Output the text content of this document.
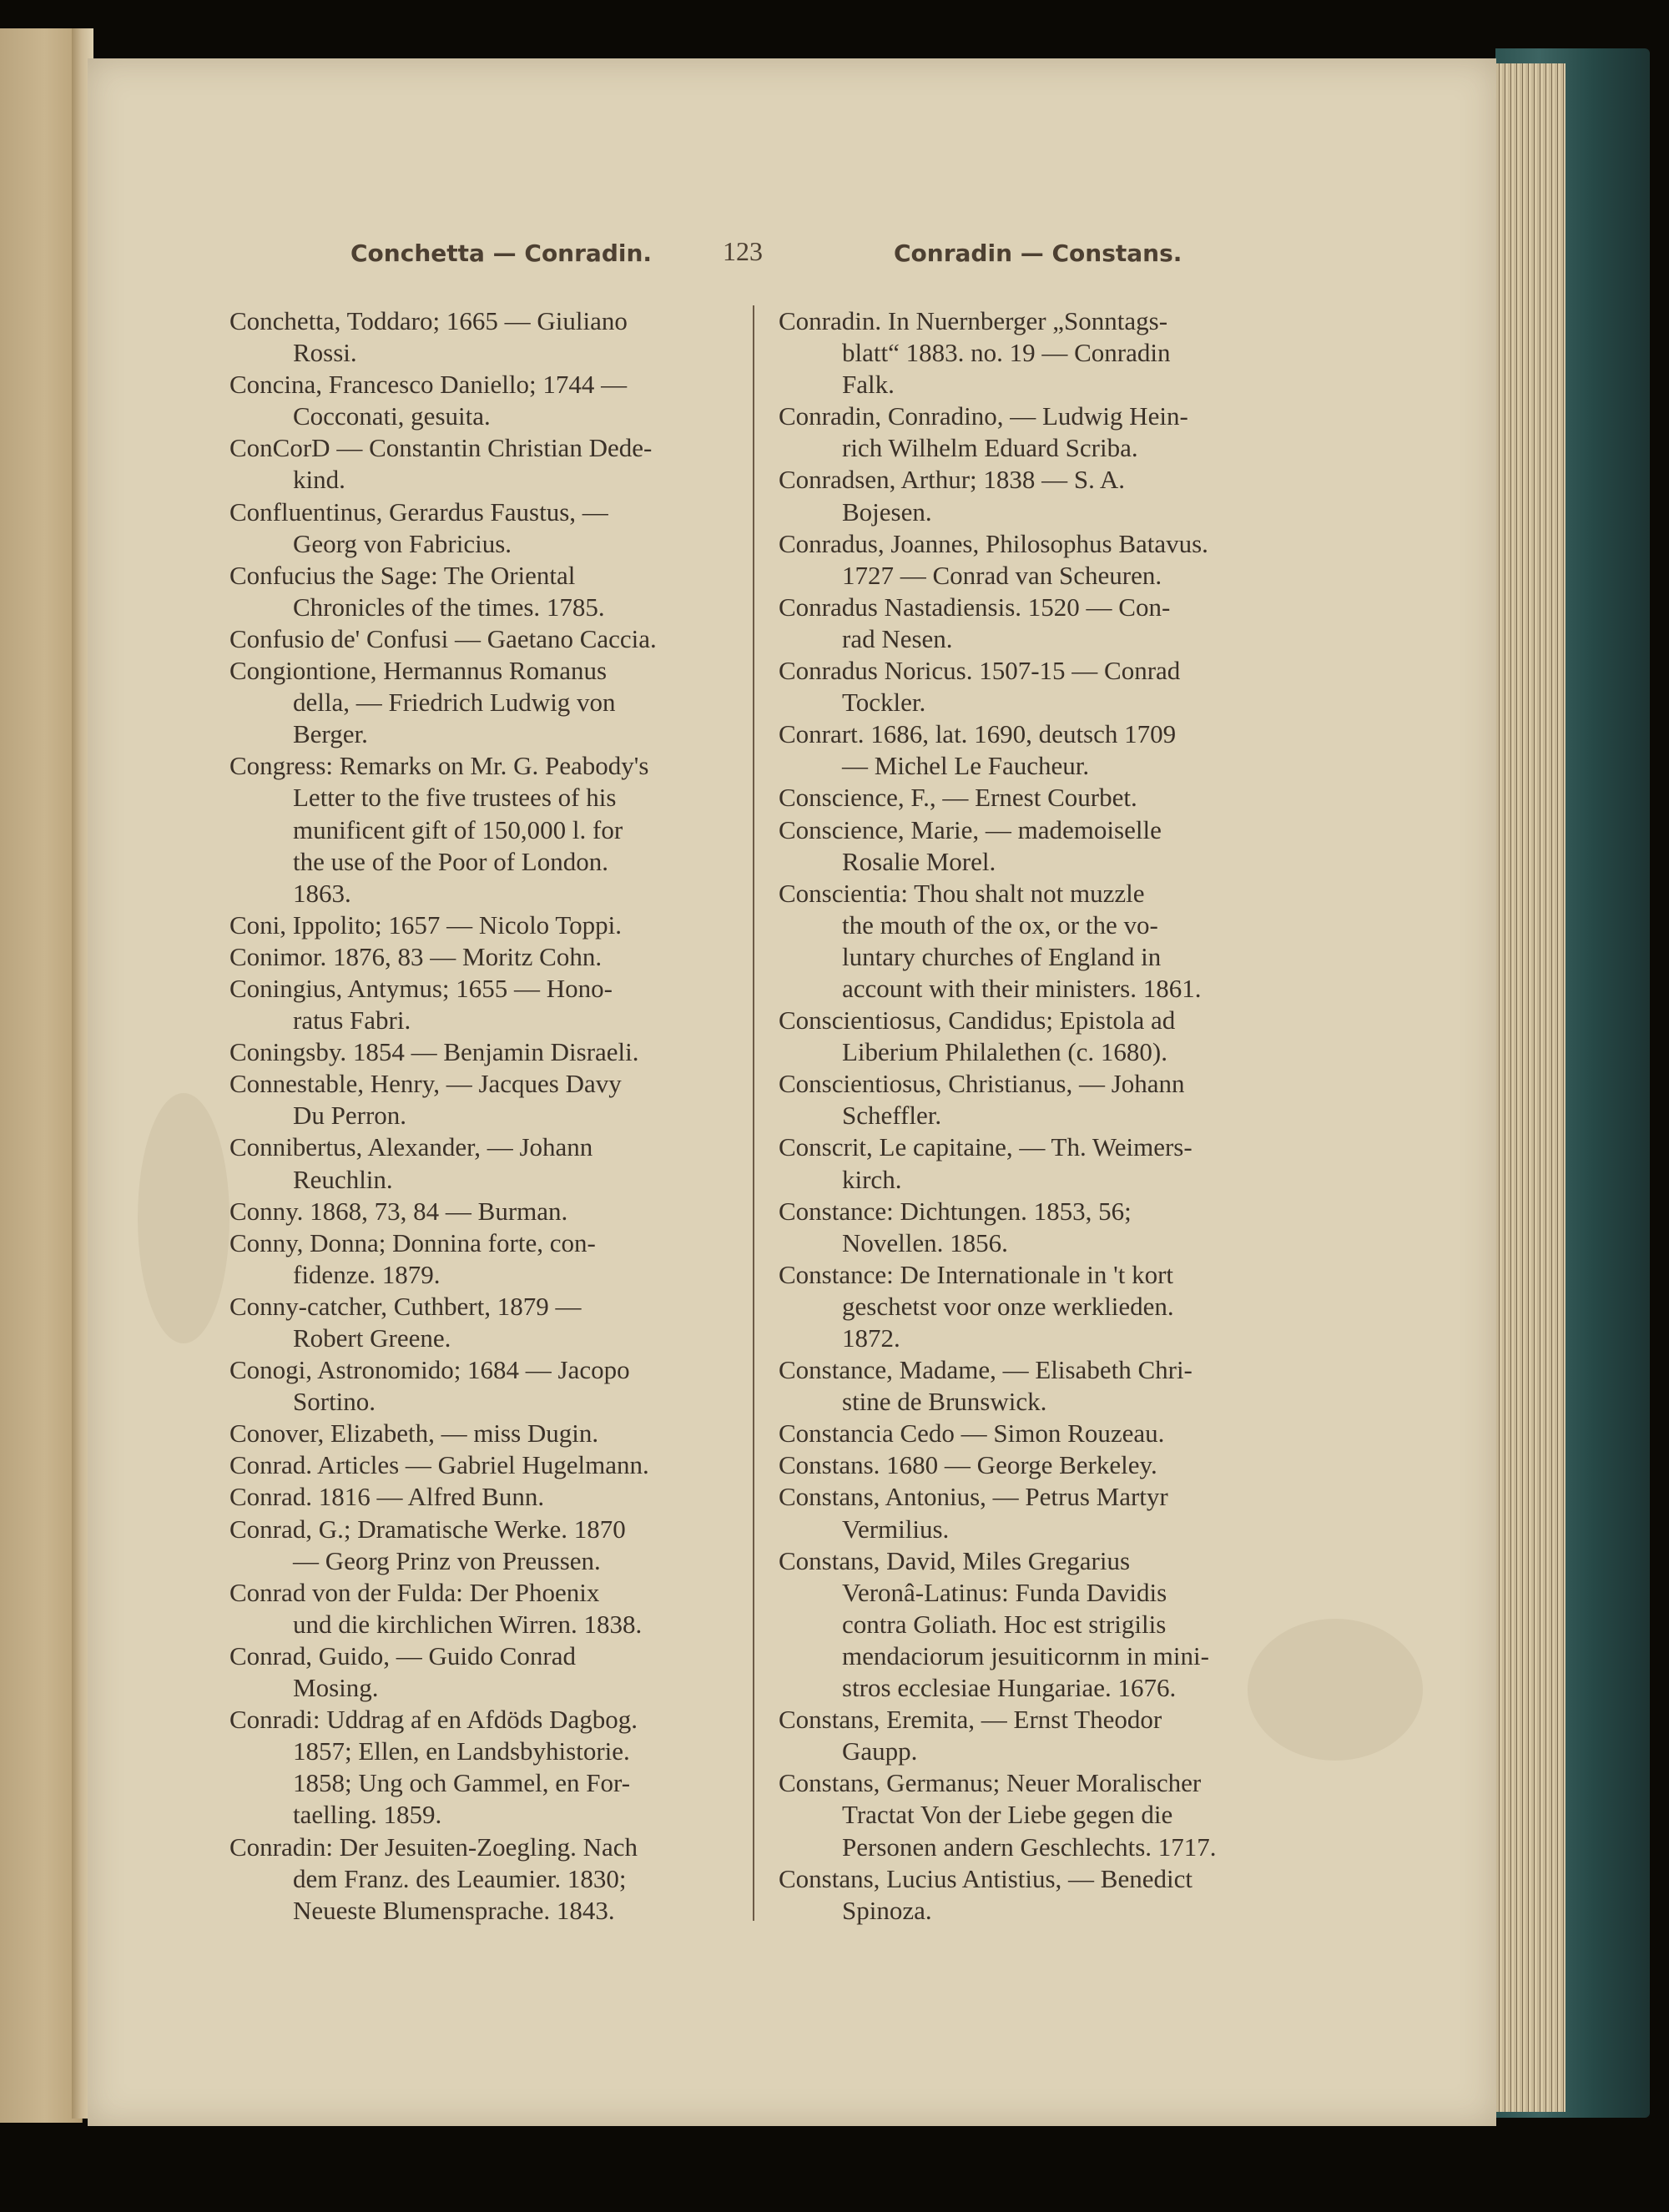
Conchetta — Conradin.	123	Conradin — Constans.
Conchetta, Toddaro; 1665 — Giuliano
Rossi.
Concina, Francesco Daniello; 1744 —
Cocconati, gesuita.
ConCorD — Constantin Christian Dede-
kind.
Confluentinus, Gerardus Faustus, —
Georg von Fabricius.
Confucius the Sage: The Oriental
Chronicles of the times. 1785.
Confusio de' Confusi — Gaetano Caccia.
Congiontione, Hermannus Romanus
della, — Friedrich Ludwig von
Berger.
Congress: Remarks on Mr. G. Peabody's
Letter to the five trustees of his
munificent gift of 150,000 l. for
the use of the Poor of London.
1863.
Coni, Ippolito; 1657 — Nicolo Toppi.
Conimor. 1876, 83 — Moritz Cohn.
Coningius, Antymus; 1655 — Hono-
ratus Fabri.
Coningsby. 1854 — Benjamin Disraeli.
Connestable, Henry, — Jacques Davy
Du Perron.
Connibertus, Alexander, — Johann
Reuchlin.
Conny. 1868, 73, 84 — Burman.
Conny, Donna; Donnina forte, con-
fidenze. 1879.
Conny-catcher, Cuthbert, 1879 —
Robert Greene.
Conogi, Astronomido; 1684 — Jacopo
Sortino.
Conover, Elizabeth, — miss Dugin.
Conrad. Articles — Gabriel Hugelmann.
Conrad. 1816 — Alfred Bunn.
Conrad, G.; Dramatische Werke. 1870
— Georg Prinz von Preussen.
Conrad von der Fulda: Der Phoenix
und die kirchlichen Wirren. 1838.
Conrad, Guido, — Guido Conrad
Mosing.
Conradi: Uddrag af en Afdöds Dagbog.
1857; Ellen, en Landsbyhistorie.
1858; Ung och Gammel, en For-
taelling. 1859.
Conradin: Der Jesuiten-Zoegling. Nach
dem Franz. des Leaumier. 1830;
Neueste Blumensprache. 1843.
Conradin. In Nuernberger „Sonntags-
blatt“ 1883. no. 19 — Conradin
Falk.
Conradin, Conradino, — Ludwig Hein-
rich Wilhelm Eduard Scriba.
Conradsen, Arthur; 1838 — S. A.
Bojesen.
Conradus, Joannes, Philosophus Batavus.
1727 — Conrad van Scheuren.
Conradus Nastadiensis. 1520 — Con-
rad Nesen.
Conradus Noricus. 1507-15 — Conrad
Tockler.
Conrart. 1686, lat. 1690, deutsch 1709
— Michel Le Faucheur.
Conscience, F., — Ernest Courbet.
Conscience, Marie, — mademoiselle
Rosalie Morel.
Conscientia: Thou shalt not muzzle
the mouth of the ox, or the vo-
luntary churches of England in
account with their ministers. 1861.
Conscientiosus, Candidus; Epistola ad
Liberium Philalethen (c. 1680).
Conscientiosus, Christianus, — Johann
Scheffler.
Conscrit, Le capitaine, — Th. Weimers-
kirch.
Constance: Dichtungen. 1853, 56;
Novellen. 1856.
Constance: De Internationale in 't kort
geschetst voor onze werklieden.
1872.
Constance, Madame, — Elisabeth Chri-
stine de Brunswick.
Constancia Cedo — Simon Rouzeau.
Constans. 1680 — George Berkeley.
Constans, Antonius, — Petrus Martyr
Vermilius.
Constans, David, Miles Gregarius
Veronâ-Latinus: Funda Davidis
contra Goliath. Hoc est strigilis
mendaciorum jesuiticornm in mini-
stros ecclesiae Hungariae. 1676.
Constans, Eremita, — Ernst Theodor
Gaupp.
Constans, Germanus; Neuer Moralischer
Tractat Von der Liebe gegen die
Personen andern Geschlechts. 1717.
Constans, Lucius Antistius, — Benedict
Spinoza.
